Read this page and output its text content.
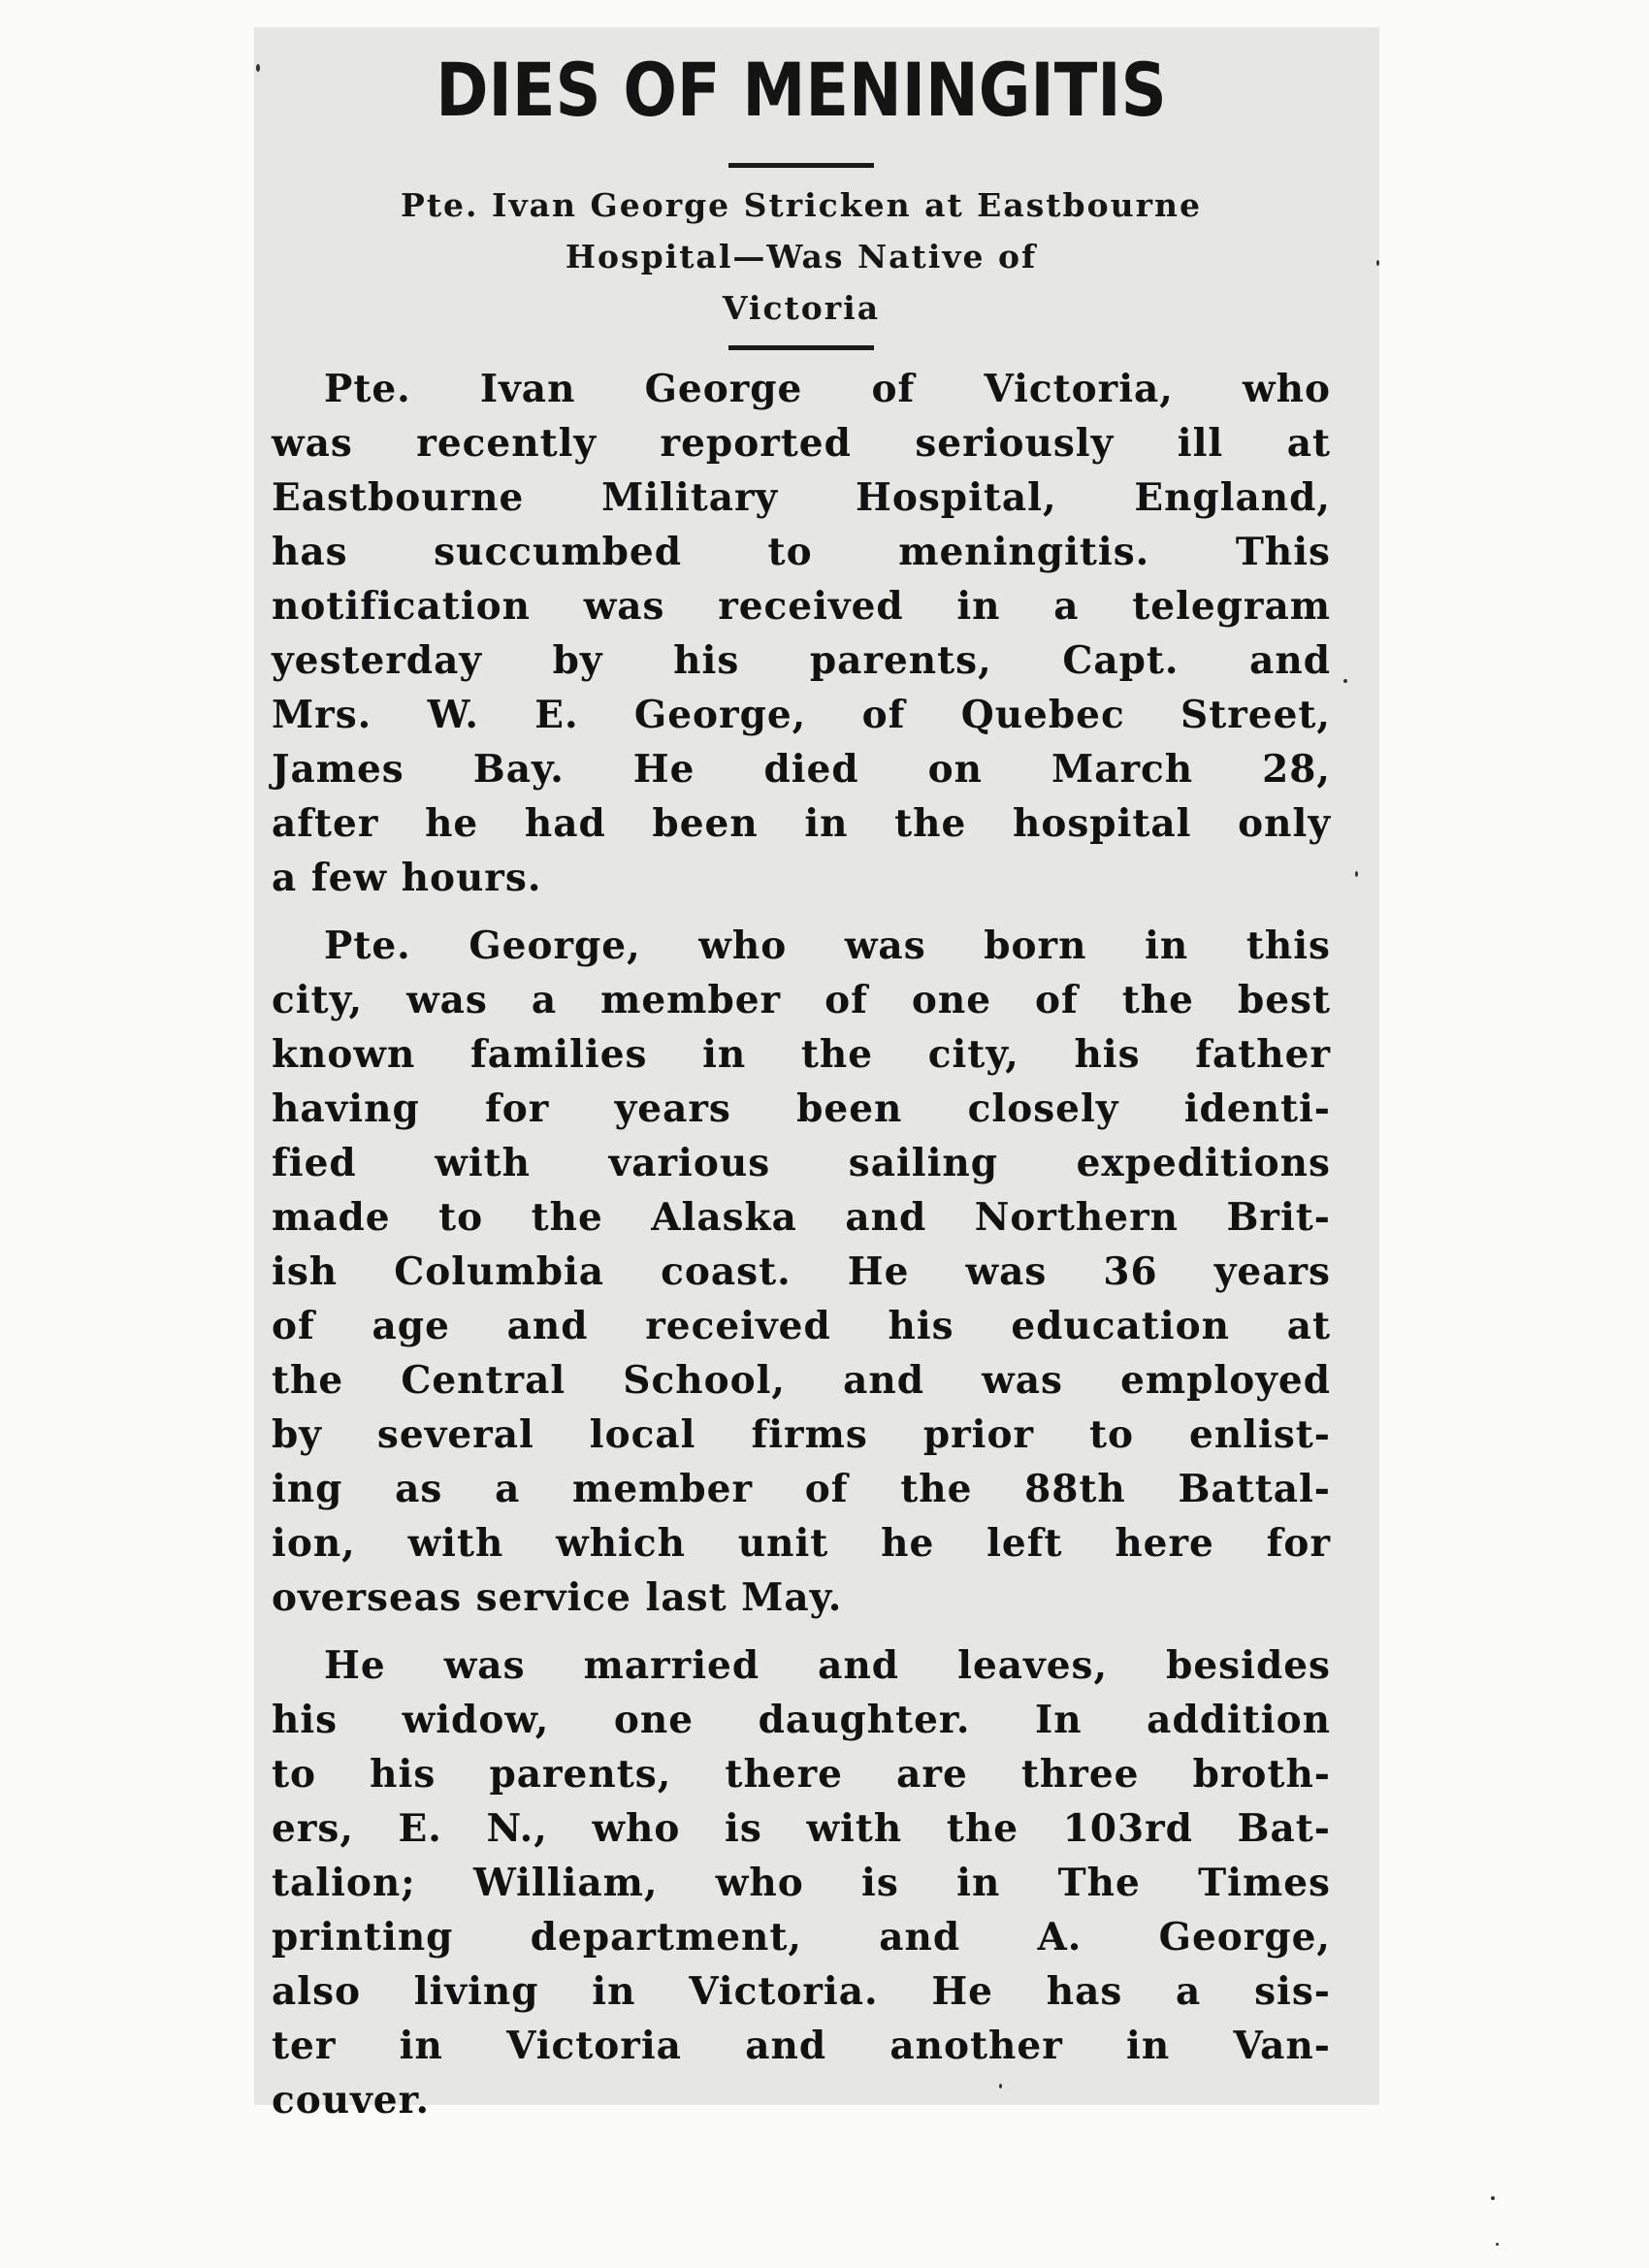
DIES OF MENINGITIS
Pte. Ivan George Stricken at Eastbourne
Hospital—Was Native of
Victoria
Pte. Ivan George of Victoria, who
was recently reported seriously ill at
Eastbourne Military Hospital, England,
has succumbed to meningitis. This
notification was received in a telegram
yesterday by his parents, Capt. and
Mrs. W. E. George, of Quebec Street,
James Bay. He died on March 28,
after he had been in the hospital only
a few hours.
Pte. George, who was born in this
city, was a member of one of the best
known families in the city, his father
having for years been closely identi-
fied with various sailing expeditions
made to the Alaska and Northern Brit-
ish Columbia coast. He was 36 years
of age and received his education at
the Central School, and was employed
by several local firms prior to enlist-
ing as a member of the 88th Battal-
ion, with which unit he left here for
overseas service last May.
He was married and leaves, besides
his widow, one daughter. In addition
to his parents, there are three broth-
ers, E. N., who is with the 103rd Bat-
talion; William, who is in The Times
printing department, and A. George,
also living in Victoria. He has a sis-
ter in Victoria and another in Van-
couver.
